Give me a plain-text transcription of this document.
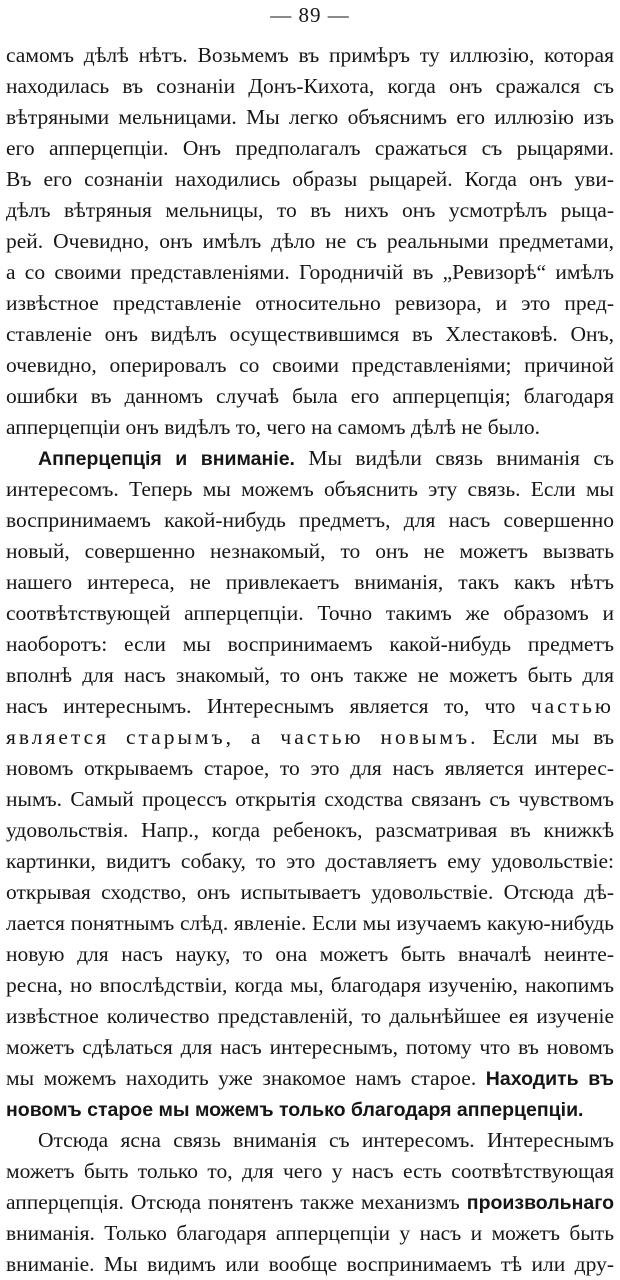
— 89 —
самомъ дѣлѣ нѣтъ. Возьмемъ въ примѣръ ту иллюзію, которая
находилась въ сознаніи Донъ-Кихота, когда онъ сражался съ
вѣтряными мельницами. Мы легко объяснимъ его иллюзію изъ
его апперцепціи. Онъ предполагалъ сражаться съ рыцарями.
Въ его сознаніи находились образы рыцарей. Когда онъ уви-
дѣлъ вѣтряныя мельницы, то въ нихъ онъ усмотрѣлъ рыца-
рей. Очевидно, онъ имѣлъ дѣло не съ реальными предметами,
а со своими представленіями. Городничій въ „Ревизорѣ“ имѣлъ
извѣстное представленіе относительно ревизора, и это пред-
ставленіе онъ видѣлъ осуществившимся въ Хлестаковѣ. Онъ,
очевидно, оперировалъ со своими представленіями; причиной
ошибки въ данномъ случаѣ была его апперцепція; благодаря
апперцепціи онъ видѣлъ то, чего на самомъ дѣлѣ не было.
Апперцепція и вниманіе. Мы видѣли связь вниманія съ
интересомъ. Теперь мы можемъ объяснить эту связь. Если мы
воспринимаемъ какой-нибудь предметъ, для насъ совершенно
новый, совершенно незнакомый, то онъ не можетъ вызвать
нашего интереса, не привлекаетъ вниманія, такъ какъ нѣтъ
соотвѣтствующей апперцепціи. Точно такимъ же образомъ и
наоборотъ: если мы воспринимаемъ какой-нибудь предметъ
вполнѣ для насъ знакомый, то онъ также не можетъ быть для
насъ интереснымъ. Интереснымъ является то, что частью
является старымъ, а частью новымъ. Если мы въ
новомъ открываемъ старое, то это для насъ является интерес-
нымъ. Самый процессъ открытія сходства связанъ съ чувствомъ
удовольствія. Напр., когда ребенокъ, разсматривая въ книжкѣ
картинки, видитъ собаку, то это доставляетъ ему удовольствіе:
открывая сходство, онъ испытываетъ удовольствіе. Отсюда дѣ-
лается понятнымъ слѣд. явленіе. Если мы изучаемъ какую-нибудь
новую для насъ науку, то она можетъ быть вначалѣ неинте-
ресна, но впослѣдствіи, когда мы, благодаря изученію, накопимъ
извѣстное количество представленій, то дальнѣйшее ея изученіе
можетъ сдѣлаться для насъ интереснымъ, потому что въ новомъ
мы можемъ находить уже знакомое намъ старое. Находить въ
новомъ старое мы можемъ только благодаря апперцепціи.
Отсюда ясна связь вниманія съ интересомъ. Интереснымъ
можетъ быть только то, для чего у насъ есть соотвѣтствующая
апперцепція. Отсюда понятенъ также механизмъ произвольнаго
вниманія. Только благодаря апперцепціи у насъ и можетъ быть
вниманіе. Мы видимъ или вообще воспринимаемъ тѣ или дру-
